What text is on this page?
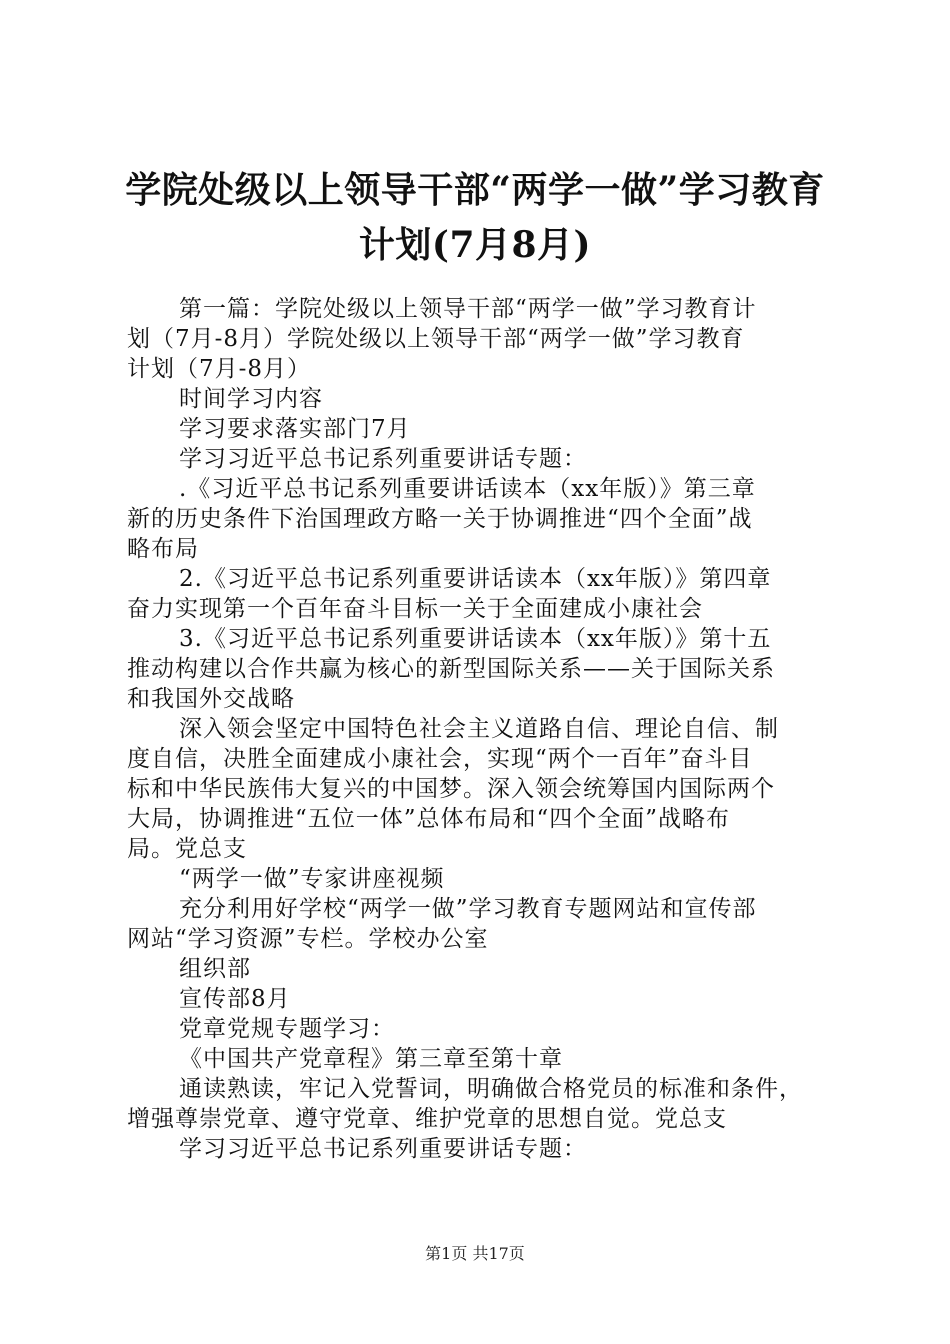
学院处级以上领导干部“两学一做”学习教育
计划(7月8月)

第一篇：学院处级以上领导干部“两学一做”学习教育计

划（7月-8月）学院处级以上领导干部“两学一做”学习教育

计划（7月-8月）

时间学习内容

学习要求落实部门7月

学习习近平总书记系列重要讲话专题：

.《习近平总书记系列重要讲话读本（xx年版）》第三章

新的历史条件下治国理政方略一关于协调推进“四个全面”战

略布局

2.《习近平总书记系列重要讲话读本（xx年版）》第四章

奋力实现第一个百年奋斗目标一关于全面建成小康社会

3.《习近平总书记系列重要讲话读本（xx年版）》第十五

推动构建以合作共赢为核心的新型国际关系——关于国际关系

和我国外交战略

深入领会坚定中国特色社会主义道路自信、理论自信、制

度自信，决胜全面建成小康社会，实现“两个一百年”奋斗目

标和中华民族伟大复兴的中国梦。深入领会统筹国内国际两个

大局，协调推进“五位一体”总体布局和“四个全面”战略布

局。党总支

“两学一做”专家讲座视频

充分利用好学校“两学一做”学习教育专题网站和宣传部

网站“学习资源”专栏。学校办公室

组织部

宣传部8月

党章党规专题学习：

《中国共产党章程》第三章至第十章

通读熟读，牢记入党誓词，明确做合格党员的标准和条件，

增强尊崇党章、遵守党章、维护党章的思想自觉。党总支

学习习近平总书记系列重要讲话专题：

第1页 共17页
